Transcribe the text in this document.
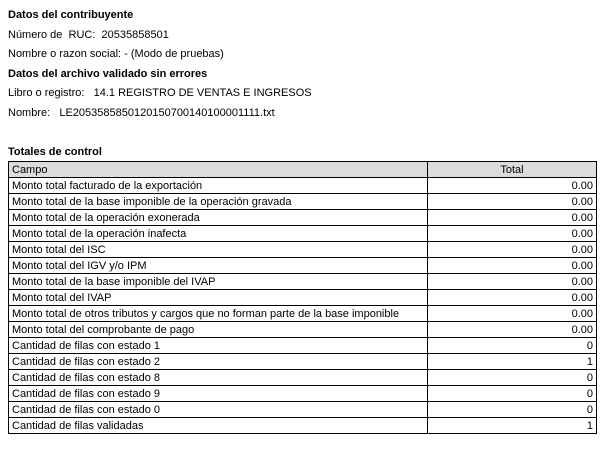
Datos del contribuyente
Número de  RUC: 20535858501
Nombre o razon social: - (Modo de pruebas)
Datos del archivo validado sin errores
Libro o registro: 14.1 REGISTRO DE VENTAS E INGRESOS
Nombre: LE2053585850120150700140100001111.txt
Totales de control
Campo	Total
Monto total facturado de la exportación	0.00
Monto total de la base imponible de la operación gravada	0.00
Monto total de la operación exonerada	0.00
Monto total de la operación inafecta	0.00
Monto total del ISC	0.00
Monto total del IGV y/o IPM	0.00
Monto total de la base imponible del IVAP	0.00
Monto total del IVAP	0.00
Monto total de otros tributos y cargos que no forman parte de la base imponible	0.00
Monto total del comprobante de pago	0.00
Cantidad de filas con estado 1	0
Cantidad de filas con estado 2	1
Cantidad de filas con estado 8	0
Cantidad de filas con estado 9	0
Cantidad de filas con estado 0	0
Cantidad de filas validadas	1
